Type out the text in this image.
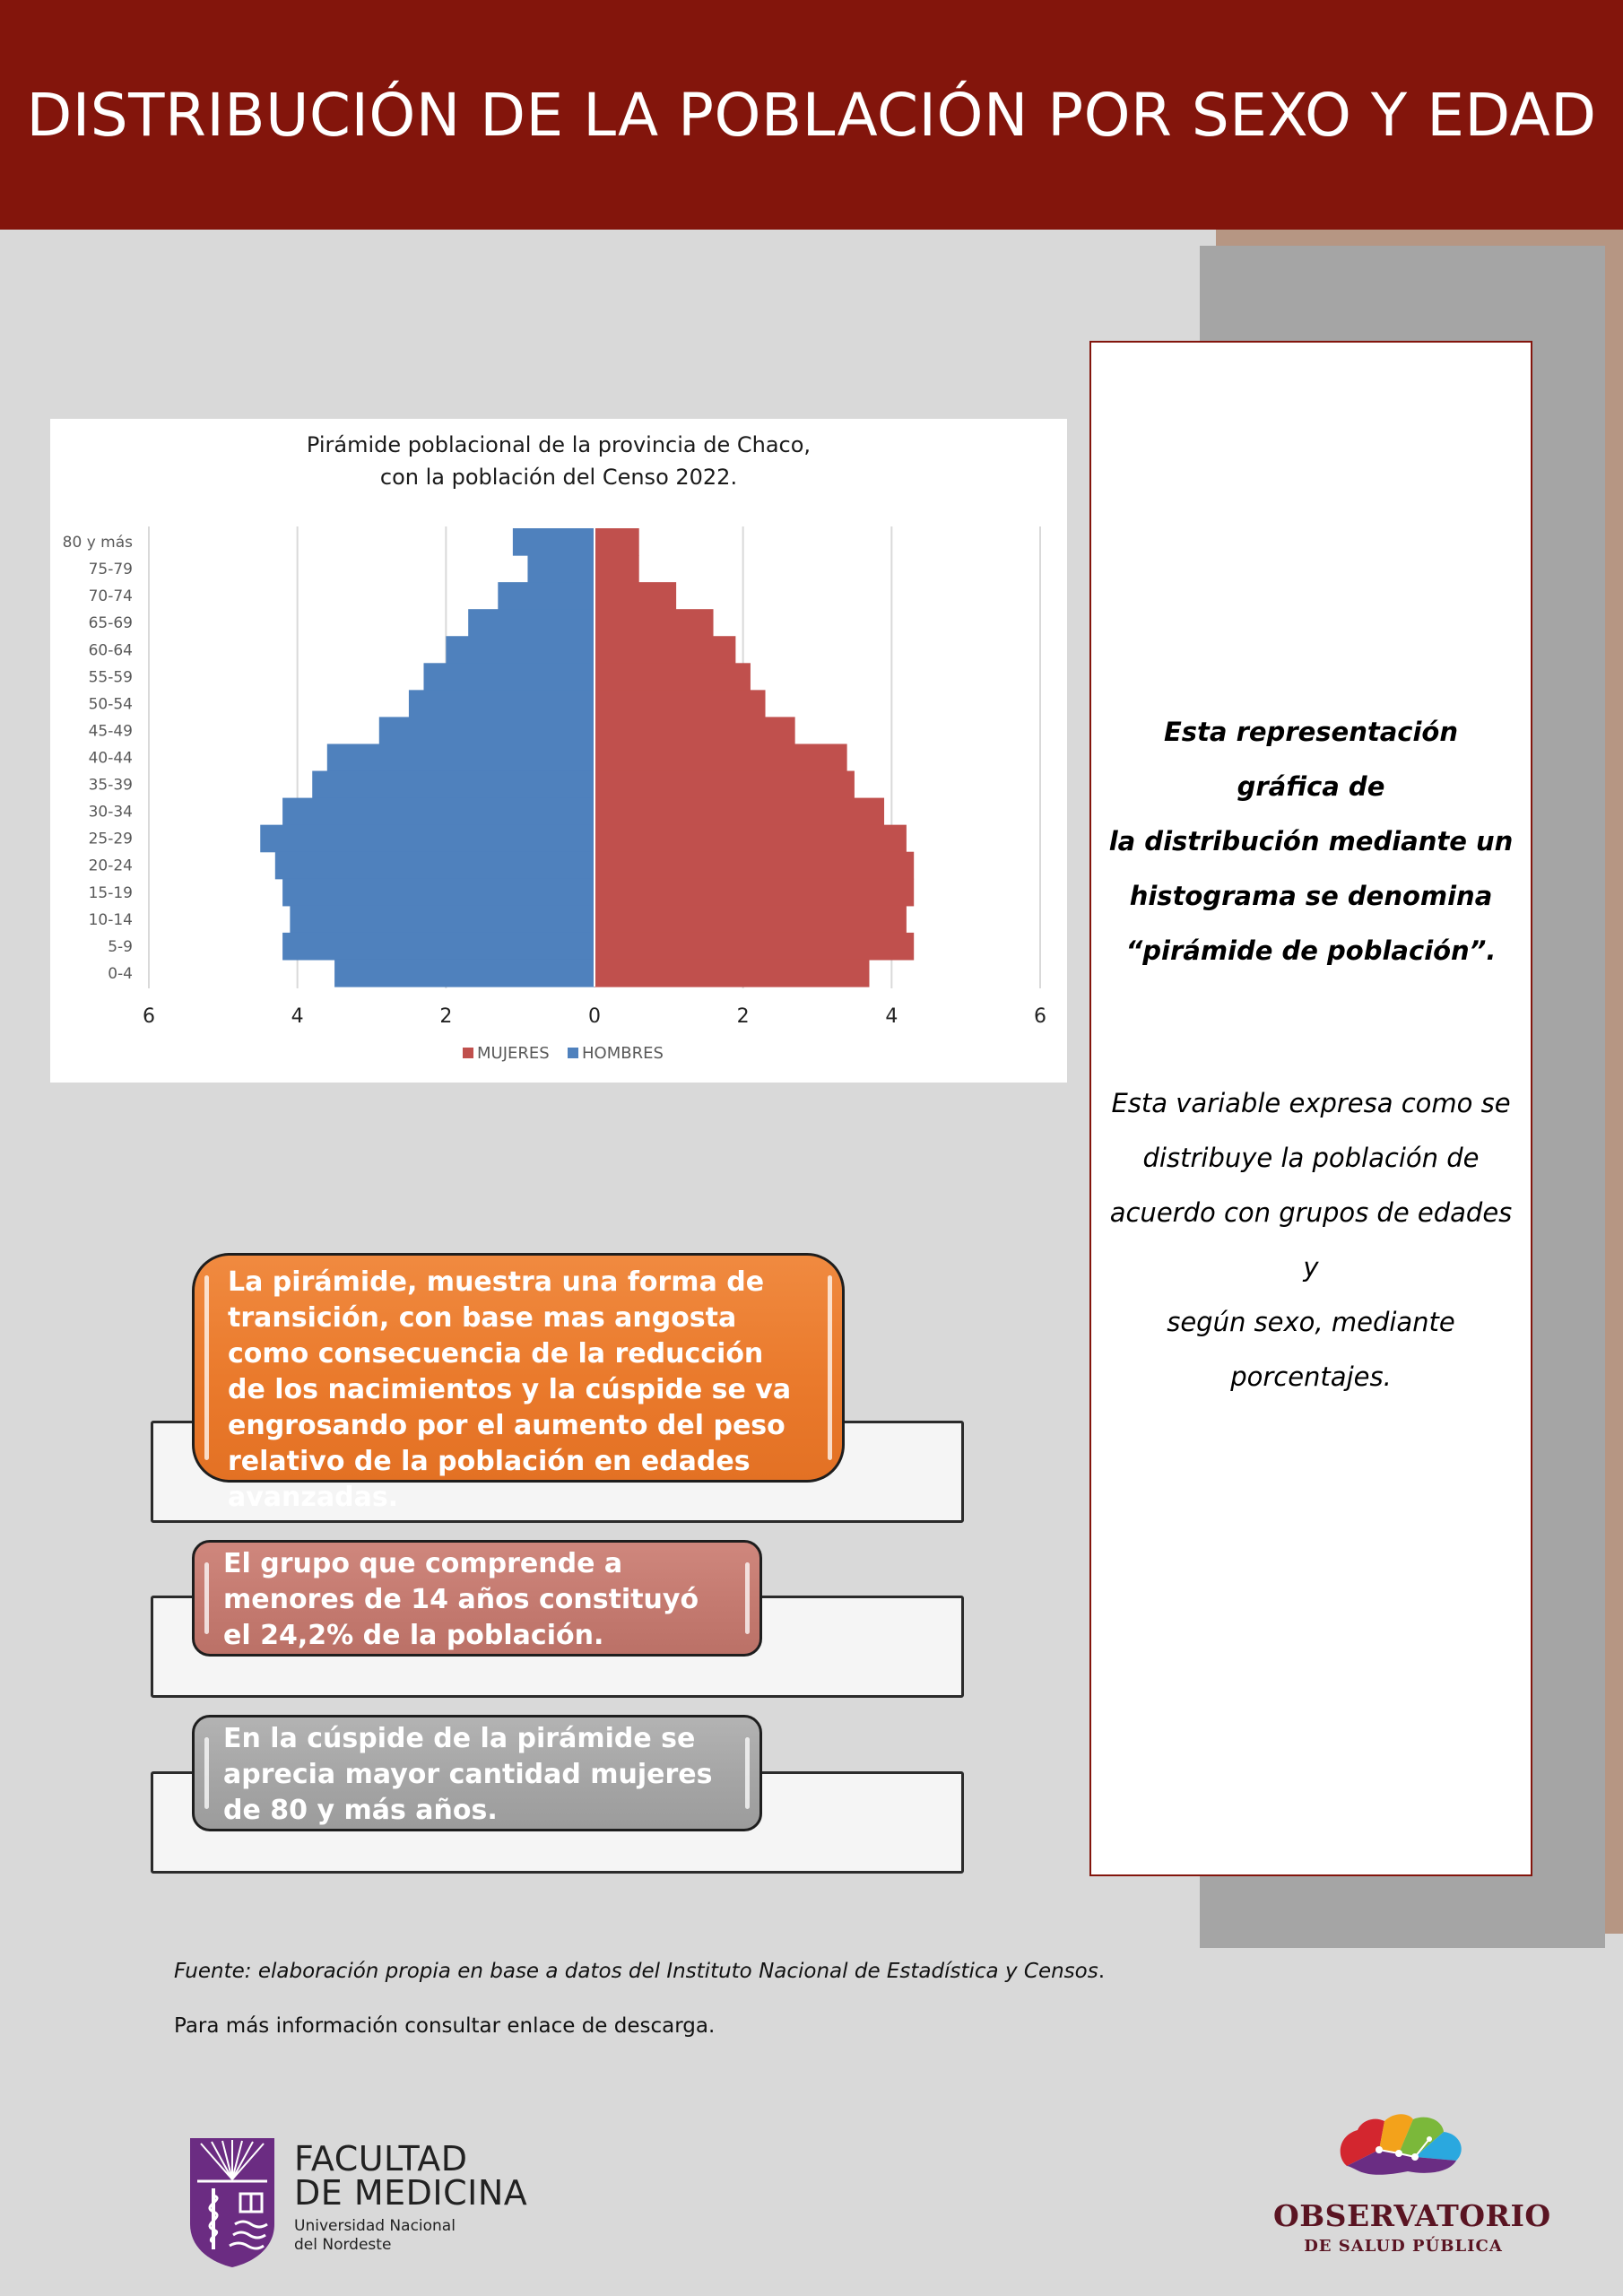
DISTRIBUCIÓN DE LA POBLACIÓN POR SEXO Y EDAD
Esta representación gráfica de
la distribución mediante un
histograma se denomina
“pirámide de población”.
Esta variable expresa como se
distribuye la población de
acuerdo con grupos de edades y
según sexo, mediante
porcentajes.
Pirámide poblacional de la provincia de Chaco,
con la población del Censo 2022.
80 y más
75-79
70-74
65-69
60-64
55-59
50-54
45-49
40-44
35-39
30-34
25-29
20-24
15-19
10-14
5-9
0-4
6	4	2	0	2	4	6
MUJERES HOMBRES

La pirámide, muestra una forma de transición, con base mas angosta como consecuencia de la reducción de los nacimientos y la cúspide se va engrosando por el aumento del peso relativo de la población en edades avanzadas.

El grupo que comprende a menores de 14 años constituyó el 24,2% de la población.

En la cúspide de la pirámide se aprecia mayor cantidad mujeres de 80 y más años.

Fuente: elaboración propia en base a datos del Instituto Nacional de Estadística y Censos.
Para más información consultar enlace de descarga.
FACULTAD
DE MEDICINA
Universidad Nacional
del Nordeste
OBSERVATORIO
DE SALUD PÚBLICA
